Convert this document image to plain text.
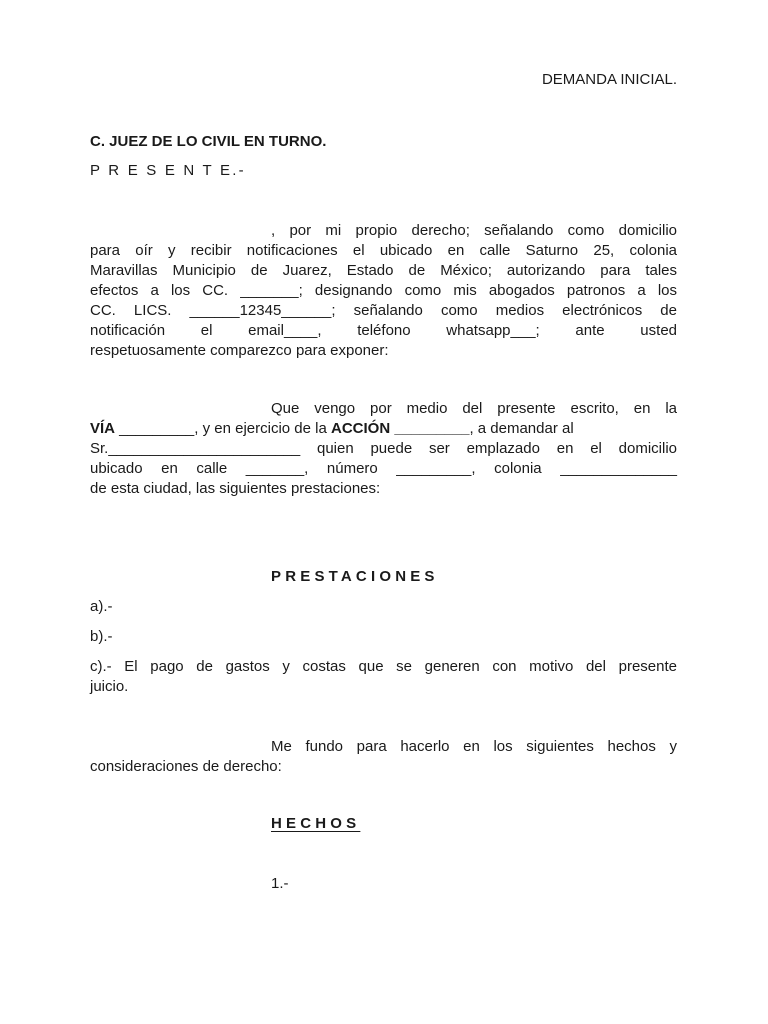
DEMANDA INICIAL.
C. JUEZ DE LO CIVIL EN TURNO.
P R E S E N T E.-
, por mi propio derecho; señalando como domicilio
para oír y recibir notificaciones el ubicado en calle Saturno 25, colonia
Maravillas Municipio de Juarez, Estado de México; autorizando para tales
efectos a los CC. _______; designando como mis abogados patronos a los
CC. LICS. ______12345______; señalando como medios electrónicos de
notificación el email____, teléfono whatsapp___; ante usted
respetuosamente comparezco para exponer:
Que vengo por medio del presente escrito, en la
VÍA _________, y en ejercicio de la ACCIÓN _________, a demandar al
Sr._______________________ quien puede ser emplazado en el domicilio
ubicado en calle _______, número _________, colonia ______________
de esta ciudad, las siguientes prestaciones:
PRESTACIONES
a).-
b).-
c).- El pago de gastos y costas que se generen con motivo del presente
juicio.
Me fundo para hacerlo en los siguientes hechos y
consideraciones de derecho:
HECHOS
1.-
